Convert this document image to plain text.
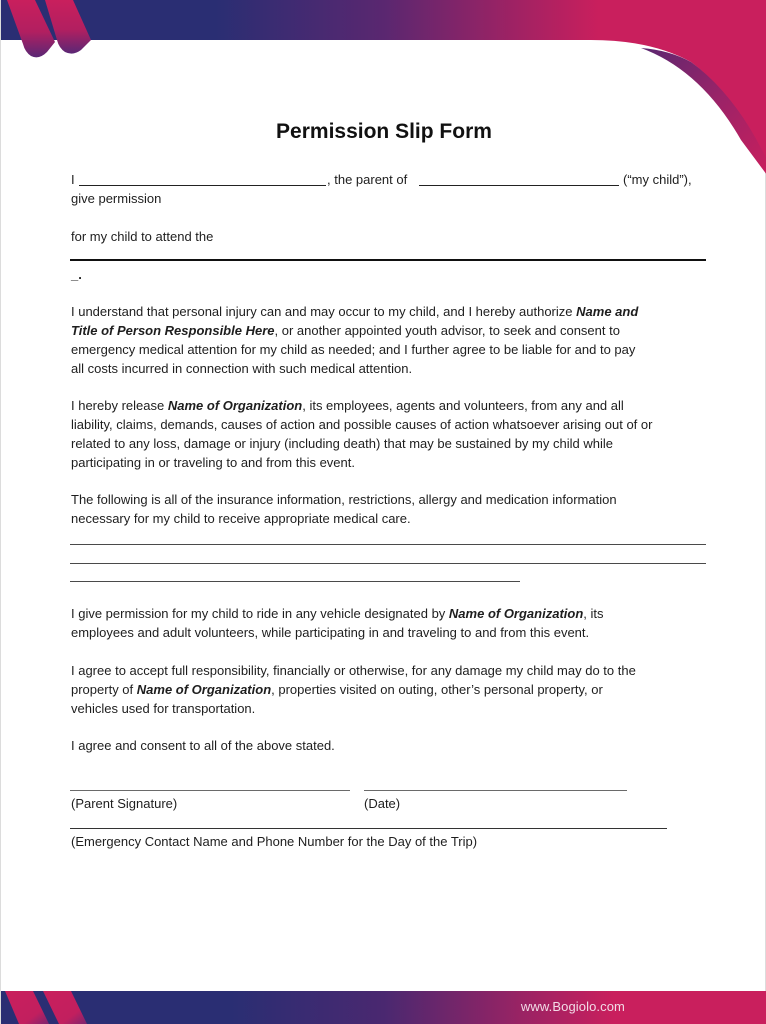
Permission Slip Form
I	, the parent of	(“my child”),
give permission
for my child to attend the
_.
I understand that personal injury can and may occur to my child, and I hereby authorize Name and
Title of Person Responsible Here, or another appointed youth advisor, to seek and consent to
emergency medical attention for my child as needed; and I further agree to be liable for and to pay
all costs incurred in connection with such medical attention.
I hereby release Name of Organization, its employees, agents and volunteers, from any and all
liability, claims, demands, causes of action and possible causes of action whatsoever arising out of or
related to any loss, damage or injury (including death) that may be sustained by my child while
participating in or traveling to and from this event.
The following is all of the insurance information, restrictions, allergy and medication information
necessary for my child to receive appropriate medical care.
I give permission for my child to ride in any vehicle designated by Name of Organization, its
employees and adult volunteers, while participating in and traveling to and from this event.
I agree to accept full responsibility, financially or otherwise, for any damage my child may do to the
property of Name of Organization, properties visited on outing, other’s personal property, or
vehicles used for transportation.
I agree and consent to all of the above stated.
(Parent Signature)	(Date)
(Emergency Contact Name and Phone Number for the Day of the Trip)
www.Bogiolo.com
